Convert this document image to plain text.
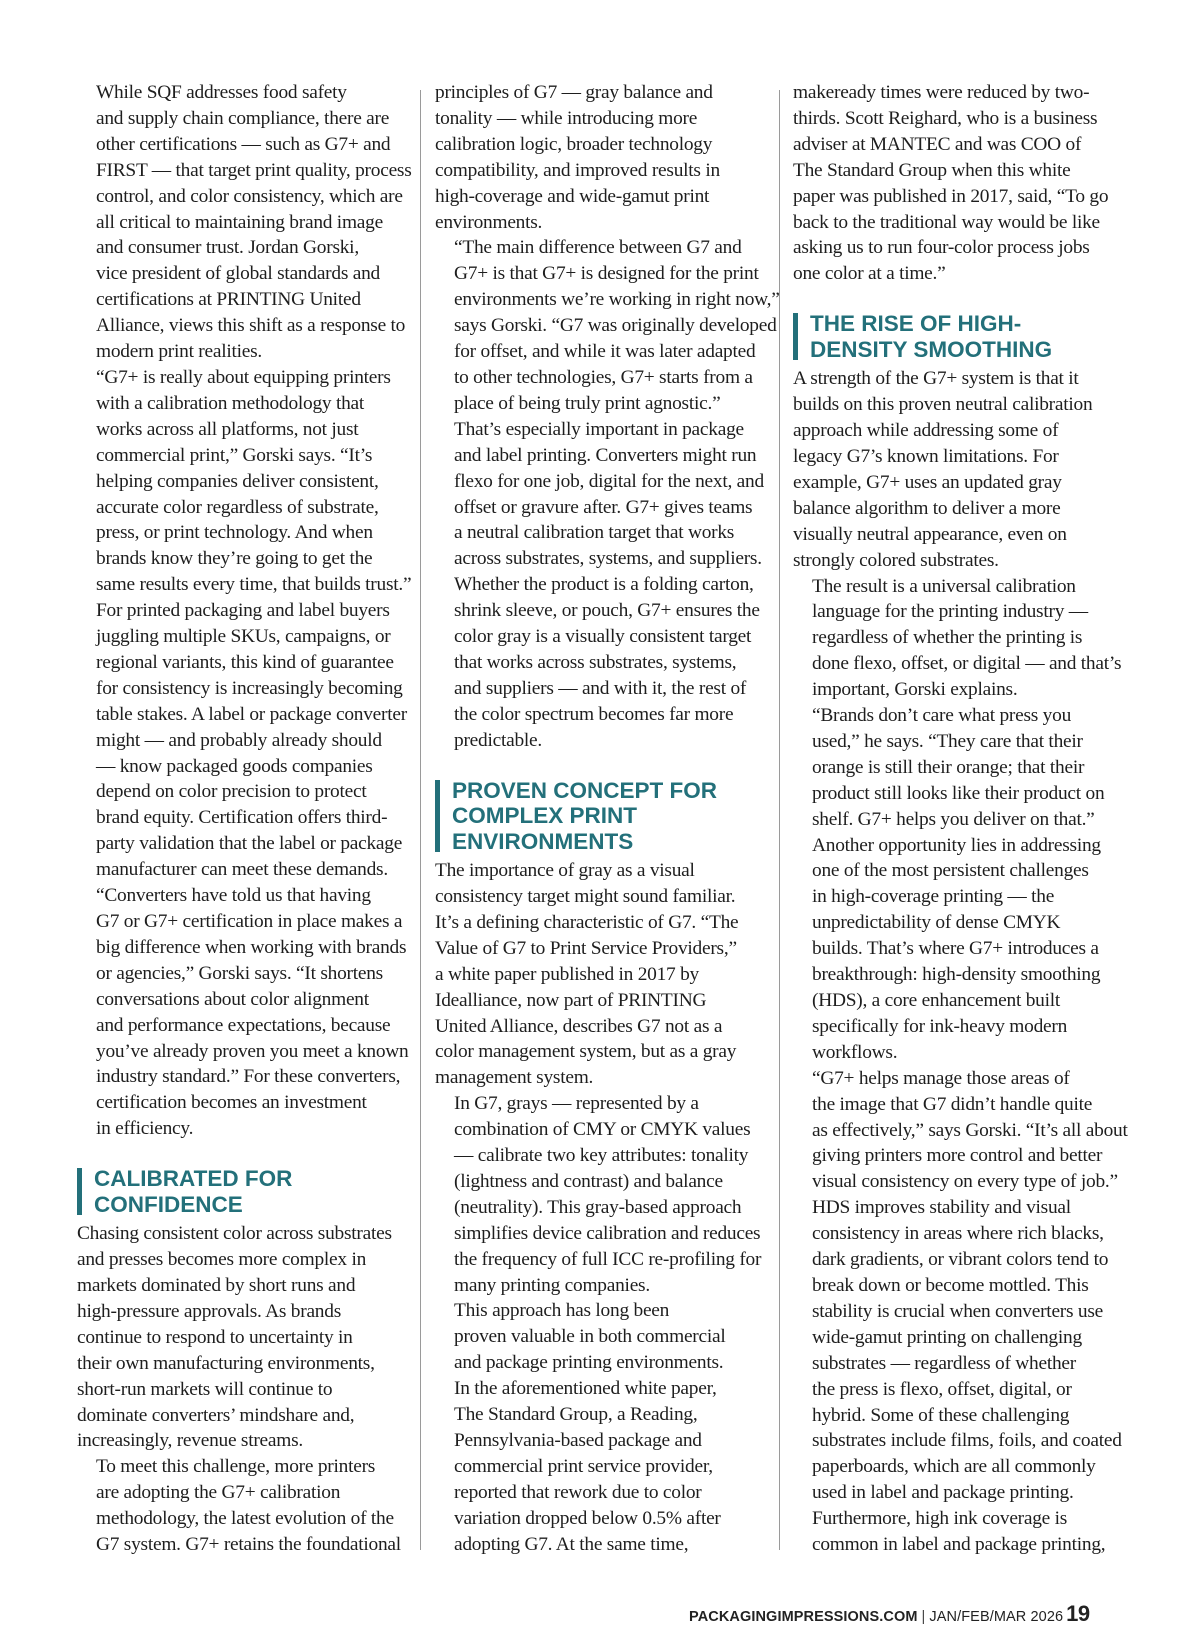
While SQF addresses food safety
and supply chain compliance, there are
other certifications — such as G7+ and
FIRST — that target print quality, process
control, and color consistency, which are
all critical to maintaining brand image
and consumer trust. Jordan Gorski,
vice president of global standards and
certifications at PRINTING United
Alliance, views this shift as a response to
modern print realities.

“G7+ is really about equipping printers
with a calibration methodology that
works across all platforms, not just
commercial print,” Gorski says. “It’s
helping companies deliver consistent,
accurate color regardless of substrate,
press, or print technology. And when
brands know they’re going to get the
same results every time, that builds trust.”

For printed packaging and label buyers
juggling multiple SKUs, campaigns, or
regional variants, this kind of guarantee
for consistency is increasingly becoming
table stakes. A label or package converter
might — and probably already should
— know packaged goods companies
depend on color precision to protect
brand equity. Certification offers third-
party validation that the label or package
manufacturer can meet these demands.

“Converters have told us that having
G7 or G7+ certification in place makes a
big difference when working with brands
or agencies,” Gorski says. “It shortens
conversations about color alignment
and performance expectations, because
you’ve already proven you meet a known
industry standard.” For these converters,
certification becomes an investment
in efficiency.

CALIBRATED FOR
CONFIDENCE

Chasing consistent color across substrates
and presses becomes more complex in
markets dominated by short runs and
high-pressure approvals. As brands
continue to respond to uncertainty in
their own manufacturing environments,
short-run markets will continue to
dominate converters’ mindshare and,
increasingly, revenue streams.

To meet this challenge, more printers
are adopting the G7+ calibration
methodology, the latest evolution of the
G7 system. G7+ retains the foundational

principles of G7 — gray balance and
tonality — while introducing more
calibration logic, broader technology
compatibility, and improved results in
high-coverage and wide-gamut print
environments.

“The main difference between G7 and
G7+ is that G7+ is designed for the print
environments we’re working in right now,”
says Gorski. “G7 was originally developed
for offset, and while it was later adapted
to other technologies, G7+ starts from a
place of being truly print agnostic.”

That’s especially important in package
and label printing. Converters might run
flexo for one job, digital for the next, and
offset or gravure after. G7+ gives teams
a neutral calibration target that works
across substrates, systems, and suppliers.
Whether the product is a folding carton,
shrink sleeve, or pouch, G7+ ensures the
color gray is a visually consistent target
that works across substrates, systems,
and suppliers — and with it, the rest of
the color spectrum becomes far more
predictable.

PROVEN CONCEPT FOR
COMPLEX PRINT
ENVIRONMENTS

The importance of gray as a visual
consistency target might sound familiar.
It’s a defining characteristic of G7. “The
Value of G7 to Print Service Providers,”
a white paper published in 2017 by
Idealliance, now part of PRINTING
United Alliance, describes G7 not as a
color management system, but as a gray
management system.

In G7, grays — represented by a
combination of CMY or CMYK values
— calibrate two key attributes: tonality
(lightness and contrast) and balance
(neutrality). This gray-based approach
simplifies device calibration and reduces
the frequency of full ICC re-profiling for
many printing companies.

This approach has long been
proven valuable in both commercial
and package printing environments.
In the aforementioned white paper,
The Standard Group, a Reading,
Pennsylvania-based package and
commercial print service provider,
reported that rework due to color
variation dropped below 0.5% after
adopting G7. At the same time,

makeready times were reduced by two-
thirds. Scott Reighard, who is a business
adviser at MANTEC and was COO of
The Standard Group when this white
paper was published in 2017, said, “To go
back to the traditional way would be like
asking us to run four-color process jobs
one color at a time.”

THE RISE OF HIGH-
DENSITY SMOOTHING

A strength of the G7+ system is that it
builds on this proven neutral calibration
approach while addressing some of
legacy G7’s known limitations. For
example, G7+ uses an updated gray
balance algorithm to deliver a more
visually neutral appearance, even on
strongly colored substrates.

The result is a universal calibration
language for the printing industry —
regardless of whether the printing is
done flexo, offset, or digital — and that’s
important, Gorski explains.

“Brands don’t care what press you
used,” he says. “They care that their
orange is still their orange; that their
product still looks like their product on
shelf. G7+ helps you deliver on that.”

Another opportunity lies in addressing
one of the most persistent challenges
in high-coverage printing — the
unpredictability of dense CMYK
builds. That’s where G7+ introduces a
breakthrough: high-density smoothing
(HDS), a core enhancement built
specifically for ink-heavy modern
workflows.

“G7+ helps manage those areas of
the image that G7 didn’t handle quite
as effectively,” says Gorski. “It’s all about
giving printers more control and better
visual consistency on every type of job.”

HDS improves stability and visual
consistency in areas where rich blacks,
dark gradients, or vibrant colors tend to
break down or become mottled. This
stability is crucial when converters use
wide-gamut printing on challenging
substrates — regardless of whether
the press is flexo, offset, digital, or
hybrid. Some of these challenging
substrates include films, foils, and coated
paperboards, which are all commonly
used in label and package printing.

Furthermore, high ink coverage is
common in label and package printing,

PACKAGINGIMPRESSIONS.COM | JAN/FEB/MAR 2026 19
